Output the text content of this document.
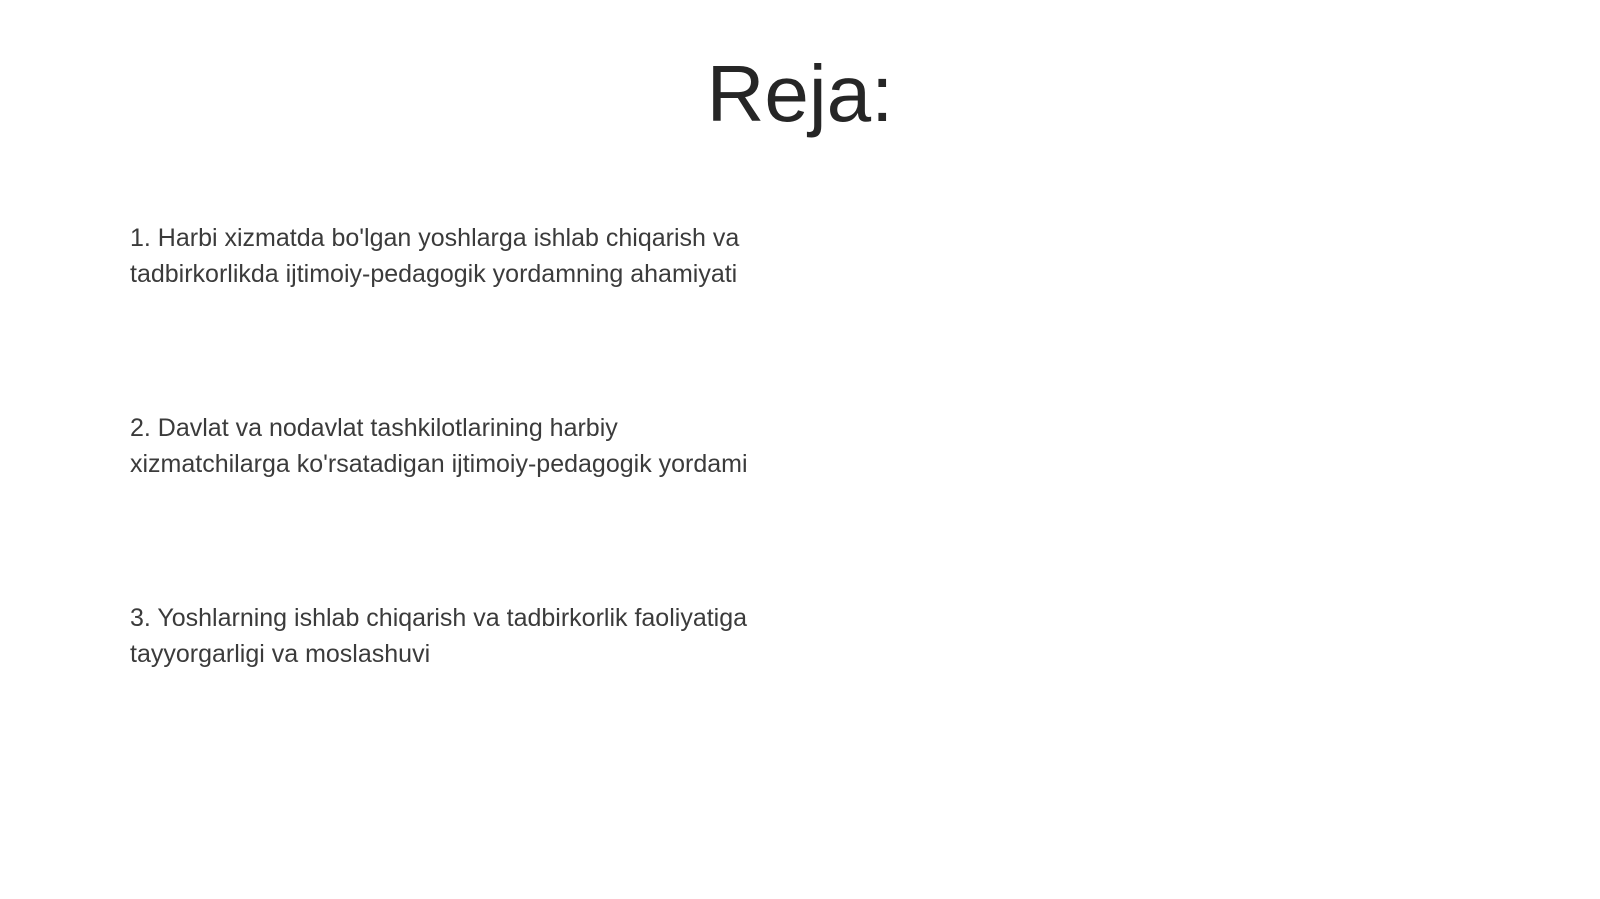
Reja:
1. Harbi xizmatda bo'lgan yoshlarga ishlab chiqarish va
tadbirkorlikda ijtimoiy-pedagogik yordamning ahamiyati
2. Davlat va nodavlat tashkilotlarining harbiy
xizmatchilarga ko'rsatadigan ijtimoiy-pedagogik yordami
3. Yoshlarning ishlab chiqarish va tadbirkorlik faoliyatiga
tayyorgarligi va moslashuvi
